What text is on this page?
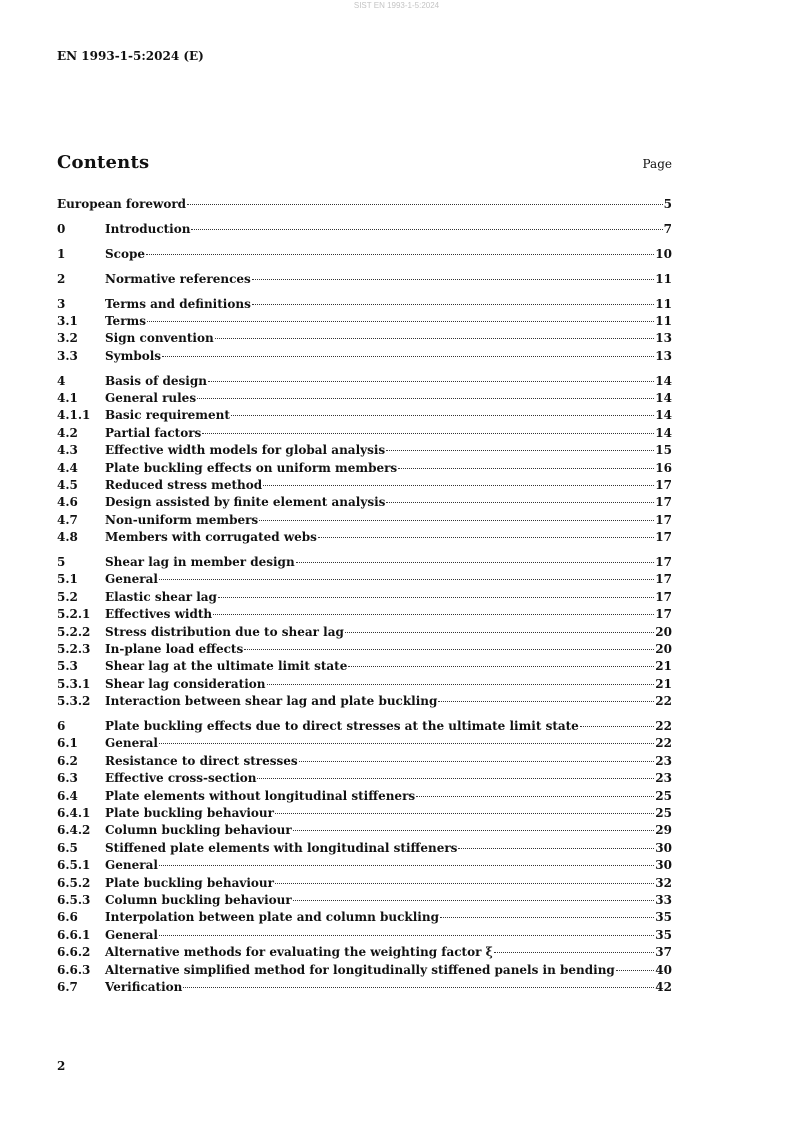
SIST EN 1993-1-5:2024
EN 1993-1-5:2024 (E)
Contents	Page
European foreword	5
0	Introduction	7
1	Scope	10
2	Normative references	11
3	Terms and definitions	11
3.1 Terms	11
3.2 Sign convention	13
3.3 Symbols	13
4	Basis of design	14
4.1 General rules	14
4.1.1 Basic requirement	14
4.2 Partial factors	14
4.3 Effective width models for global analysis	15
4.4 Plate buckling effects on uniform members	16
4.5 Reduced stress method	17
4.6 Design assisted by finite element analysis	17
4.7 Non-uniform members	17
4.8 Members with corrugated webs	17
5	Shear lag in member design	17
5.1 General	17
5.2 Elastic shear lag	17
5.2.1 Effectives width	17
5.2.2 Stress distribution due to shear lag	20
5.2.3 In-plane load effects	20
5.3 Shear lag at the ultimate limit state	21
5.3.1 Shear lag consideration	21
5.3.2 Interaction between shear lag and plate buckling	22
6	Plate buckling effects due to direct stresses at the ultimate limit state	22
6.1 General	22
6.2 Resistance to direct stresses	23
6.3 Effective cross-section	23
6.4 Plate elements without longitudinal stiffeners	25
6.4.1 Plate buckling behaviour	25
6.4.2 Column buckling behaviour	29
6.5 Stiffened plate elements with longitudinal stiffeners	30
6.5.1 General	30
6.5.2 Plate buckling behaviour	32
6.5.3 Column buckling behaviour	33
6.6 Interpolation between plate and column buckling	35
6.6.1 General	35
6.6.2 Alternative methods for evaluating the weighting factor ξ	37
6.6.3 Alternative simplified method for longitudinally stiffened panels in bending	40
6.7 Verification	42
2
